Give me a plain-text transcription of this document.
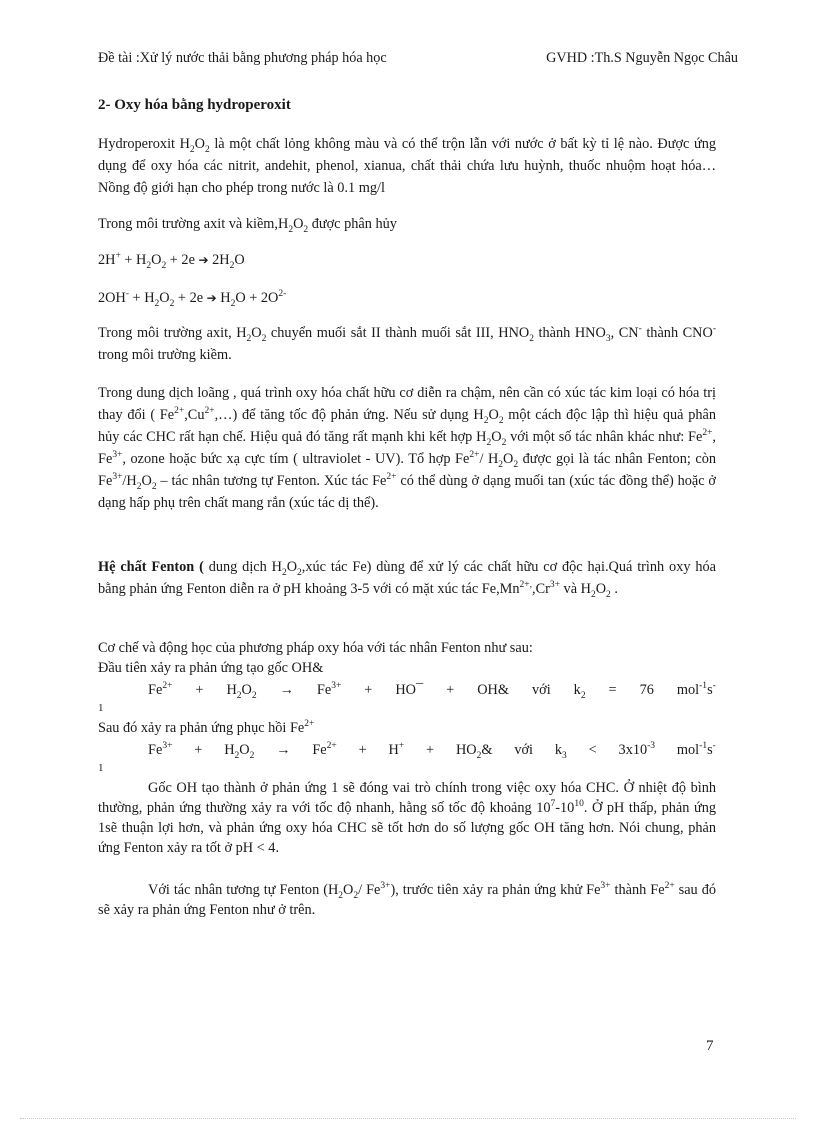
Đề tài :Xử lý nước thải bằng phương pháp hóa học	GVHD :Th.S Nguyễn Ngọc Châu
2- Oxy hóa bằng hydroperoxit
Hydroperoxit $H_2O_2$ là một chất lỏng không màu và có thể trộn lẫn với nước ở bất kỳ tỉ lệ nào. Được ứng dụng để oxy hóa các nitrit, andehit, phenol, xianua, chất thải chứa lưu huỳnh, thuốc nhuộm hoạt hóa…Nồng độ giới hạn cho phép trong nước là 0.1 mg/l
Trong môi trường axit và $kiềm,H_2O_2$ được phân hủy
$2H^+ + H_2O_2 + 2e$ ➔ $2H_2O$
$2OH^- + H_2O_2 + 2e$ ➔ $H_2O + 2O^{2-}$
Trong môi trường axit, $H_2O_2$ chuyển muối sắt II thành muối sắt III, $HNO_2$ thành $HNO_3$, CN- thành CNO- trong môi trường kiềm.
Trong dung dịch loãng , quá trình oxy hóa chất hữu cơ diễn ra chậm, nên cần có xúc tác kim loại có hóa trị thay đổi ( $Fe^{2+},Cu^{2+},\dots$) để tăng tốc độ phản ứng. Nếu sử dụng $H_2O_2$ một cách độc lập thì hiệu quả phân hủy các CHC rất hạn chế. Hiệu quả đó tăng rất mạnh khi kết hợp $H_2O_2$ với một số tác nhân khác như: $Fe^{2+}$, $Fe^{3+}$, ozone hoặc bức xạ cực tím ( ultraviolet - UV). Tổ hợp $Fe^{2+}/$ $H_2O_2$ được gọi là tác nhân Fenton; còn $Fe^{3+}/H_2O_2$ – tác nhân tương tự Fenton. Xúc tác $Fe^{2+}$ có thể dùng ở dạng muối tan (xúc tác đồng thể) hoặc ở dạng hấp phụ trên chất mang rắn (xúc tác dị thể).
Hệ chất Fenton ( dung dịch $H_2O_2,xúc$ tác Fe) dùng để xử lý các chất hữu cơ độc hại.Quá trình oxy hóa bằng phản ứng Fenton diễn ra ở pH khoảng 3-5 với có mặt xúc tác $Fe,Mn^{2+,},Cr^{3+}$ và $H_2O_2$ .
Cơ chế và động học của phương pháp oxy hóa với tác nhân Fenton như sau:
Đầu tiên xảy ra phản ứng tạo gốc OH&
$Fe^{2+} + H_2O_2 \to Fe^{3+}$ + HO¯ + OH& với $k_2 = 76$ mol$^{-1}$s-
1
Sau đó xảy ra phản ứng phục hồi $Fe^{2+}$
$Fe^{3+} + H_2O_2 \to Fe^{2+} + H^+$ + $HO_2\&$ với $k_3 < 3x10^{-3}$ mol$^{-1}$s-
1
Gốc OH tạo thành ở phản ứng 1 sẽ đóng vai trò chính trong việc oxy hóa CHC. Ở nhiệt độ bình thường, phản ứng thường xảy ra với tốc độ nhanh, hằng số tốc độ khoảng $10^7-10^{10}$. Ở pH thấp, phản ứng 1sẽ thuận lợi hơn, và phản ứng oxy hóa CHC sẽ tốt hơn do số lượng gốc OH tăng hơn. Nói chung, phản ứng Fenton xảy ra tốt ở pH < 4.
Với tác nhân tương tự Fenton ($H_2O_2/$ $Fe^{3+}$), trước tiên xảy ra phản ứng khử $Fe^{3+}$ thành $Fe^{2+}$ sau đó sẽ xảy ra phản ứng Fenton như ở trên.
7
